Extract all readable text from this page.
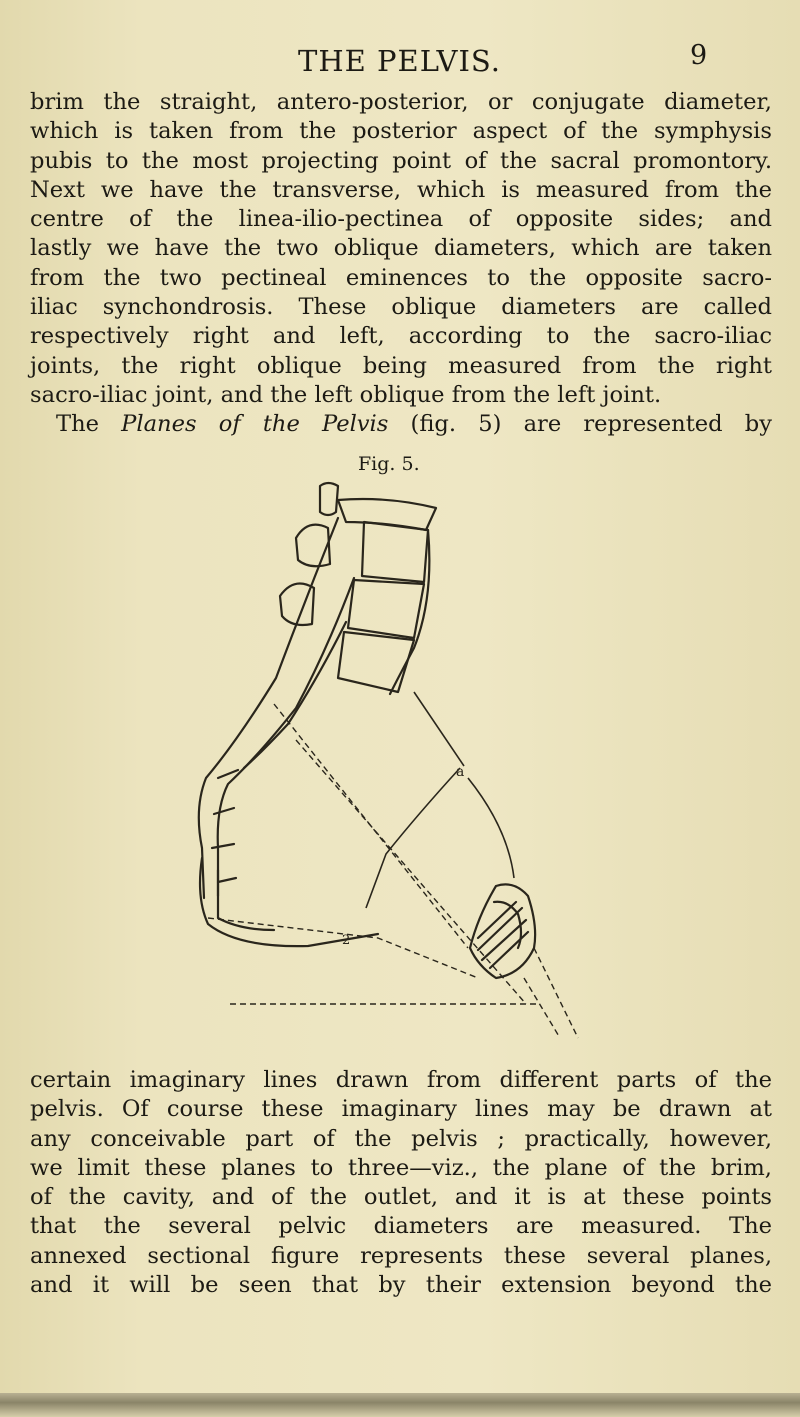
THE PELVIS.	9
brim the straight, antero-posterior, or conjugate diameter,
which is taken from the posterior aspect of the symphysis
pubis to the most projecting point of the sacral promontory.
Next we have the transverse, which is measured from the
centre of the linea-ilio-pectinea of opposite sides; and
lastly we have the two oblique diameters, which are taken
from the two pectineal eminences to the opposite sacro-
iliac synchondrosis. These oblique diameters are called
respectively right and left, according to the sacro-iliac
joints, the right oblique being measured from the right
sacro-iliac joint, and the left oblique from the left joint.
The Planes of the Pelvis (fig. 5) are represented by
Fig. 5.
a
2
certain imaginary lines drawn from different parts of the
pelvis. Of course these imaginary lines may be drawn at
any conceivable part of the pelvis ; practically, however,
we limit these planes to three—viz., the plane of the brim,
of the cavity, and of the outlet, and it is at these points
that the several pelvic diameters are measured. The
annexed sectional figure represents these several planes,
and it will be seen that by their extension beyond the
